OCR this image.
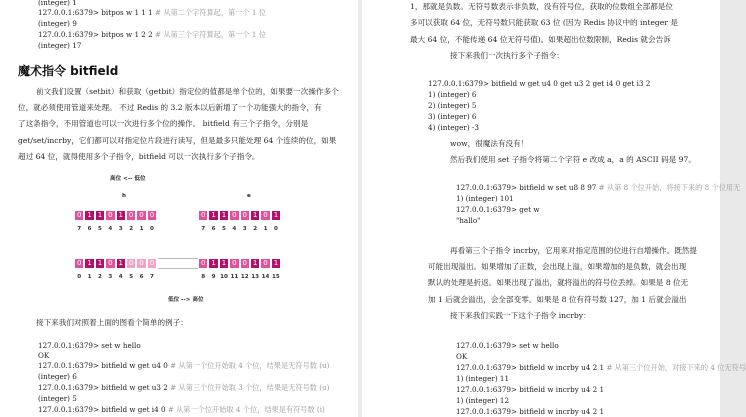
(integer) 1
127.0.0.1:6379> bitpos w 1 1 1 # 从第二个字符算起，第一个 1 位
(integer) 9
127.0.0.1:6379> bitpos w 1 2 2 # 从第三个字符算起，第一个 1 位
(integer) 17
魔术指令 bitfield
前文我们设置（setbit）和获取（getbit）指定位的值都是单个位的，如果要一次操作多个
位，就必须使用管道来处理。 不过 Redis 的 3.2 版本以后新增了一个功能强大的指令，有
了这条指令，不用管道也可以一次进行多个位的操作。 bitfield 有三个子指令，分别是
get/set/incrby，它们都可以对指定位片段进行读写，但是最多只能处理 64 个连续的位，如果
超过 64 位，就得使用多个子指令，bitfield 可以一次执行多个子指令。
高位 <-- 低位
h	e
0 1 1 0 1 0 0 0	0 1 1 0 0 1 0 1
7	6	5	4	3	2	1	0	7	6	5	4	3	2	1	0
0 1 1 0 1 0 0 0	0 1 1 0 0 1 0 1
0	1	2	3	4	5	6	7	8	9 10 11 12 13 14 15
低位 --> 高位
接下来我们对照着上面的图看个简单的例子：
127.0.0.1:6379> set w hello
OK
127.0.0.1:6379> bitfield w get u4 0 # 从第一个位开始取 4 个位，结果是无符号数 (u)
(integer) 6
127.0.0.1:6379> bitfield w get u3 2 # 从第三个位开始取 3 个位，结果是无符号数 (u)
(integer) 5
127.0.0.1:6379> bitfield w get i4 0 # 从第一个位开始取 4 个位，结果是有符号数 (i)
1，那就是负数。无符号数表示非负数，没有符号位，获取的位数组全部都是位
多可以获取 64 位，无符号数只能获取 63 位 (因为 Redis 协议中的 integer 是
最大 64 位，不能传递 64 位无符号值)。如果超出位数限制，Redis 就会告诉
接下来我们一次执行多个子指令：
127.0.0.1:6379> bitfield w get u4 0 get u3 2 get i4 0 get i3 2
1) (integer) 6
2) (integer) 5
3) (integer) 6
4) (integer) -3
wow，很魔法有没有！
然后我们使用 set 子指令将第二个字符 e 改成 a，a 的 ASCII 码是 97。
127.0.0.1:6379> bitfield w set u8 8 97 # 从第 8 个位开始，将接下来的 8 个位用无
1) (integer) 101
127.0.0.1:6379> get w
"hallo"
再看第三个子指令 incrby，它用来对指定范围的位进行自增操作。既然提
可能出现溢出。如果增加了正数，会出现上溢，如果增加的是负数，就会出现
默认的处理是折返。如果出现了溢出，就将溢出的符号位丢掉。如果是 8 位无
加 1 后就会溢出，会全部变零。如果是 8 位有符号数 127，加 1 后就会溢出
接下来我们实践一下这个子指令 incrby：
127.0.0.1:6379> set w hello
OK
127.0.0.1:6379> bitfield w incrby u4 2 1 # 从第三个位开始，对接下来的 4 位无符号
1) (integer) 11
127.0.0.1:6379> bitfield w incrby u4 2 1
1) (integer) 12
127.0.0.1:6379> bitfield w incrby u4 2 1
